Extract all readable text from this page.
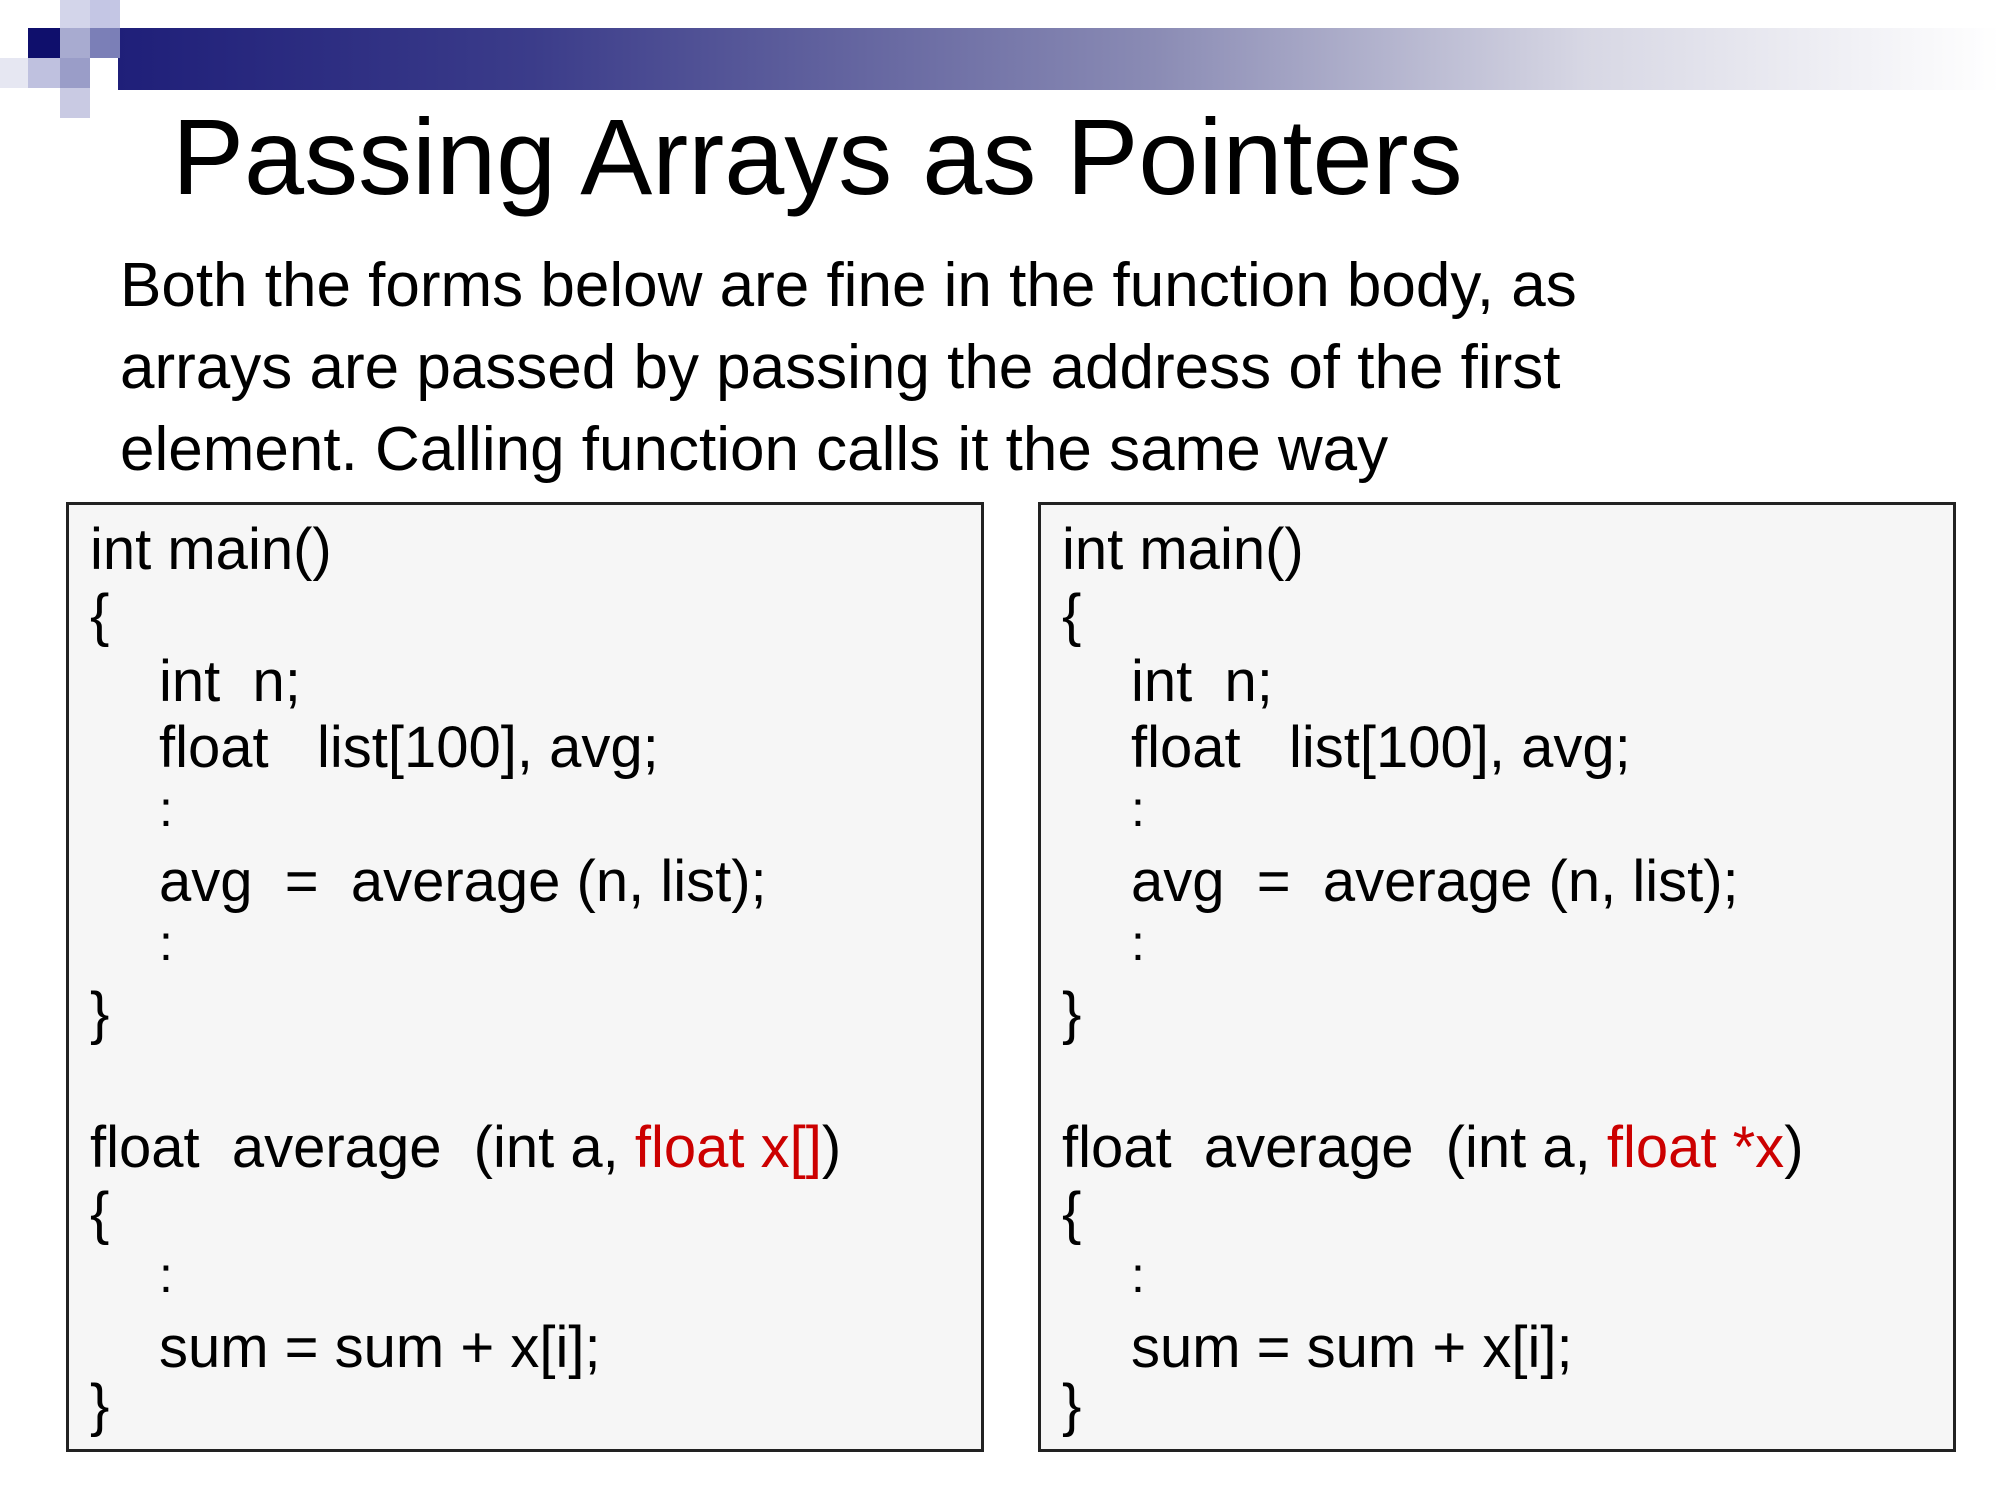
Passing Arrays as Pointers
Both the forms below are fine in the function body, as
arrays are passed by passing the address of the first
element. Calling function calls it the same way
int main()
{
int  n;
float   list[100], avg;
:
avg  =  average (n, list);
:
}
float  average  (int a, float x[])
{
:
sum = sum + x[i];
}
int main()
{
int  n;
float   list[100], avg;
:
avg  =  average (n, list);
:
}
float  average  (int a, float *x)
{
:
sum = sum + x[i];
}
